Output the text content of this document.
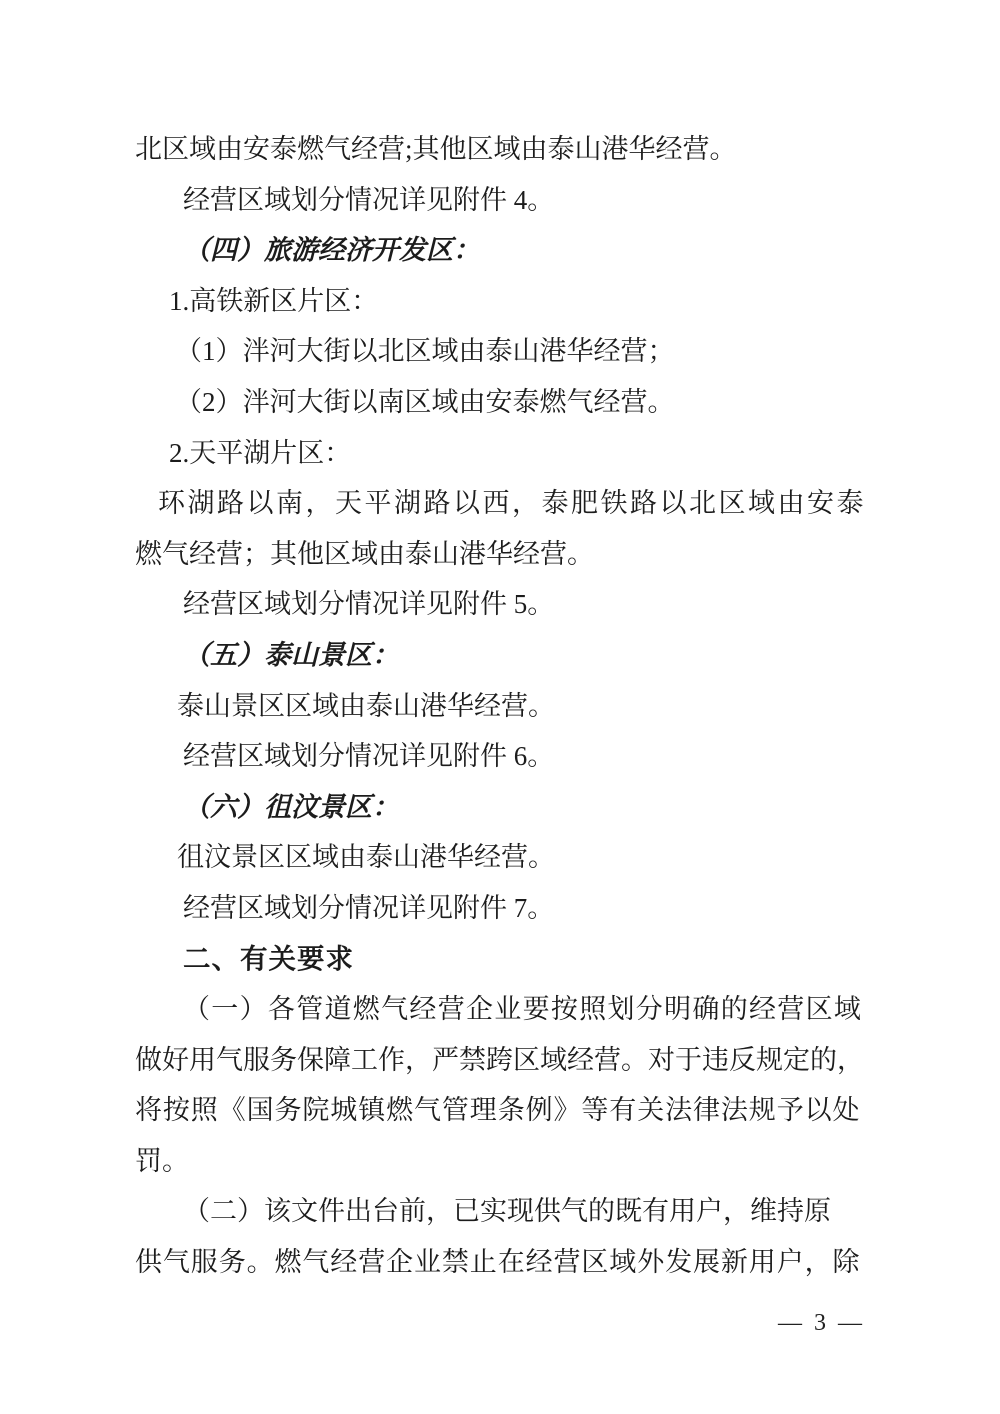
北区域由安泰燃气经营;其他区域由泰山港华经营。
经营区域划分情况详见附件 4。
（四）旅游经济开发区：
1.高铁新区片区：
（1）泮河大街以北区域由泰山港华经营；
（2）泮河大街以南区域由安泰燃气经营。
2.天平湖片区：
环湖路以南，天平湖路以西，泰肥铁路以北区域由安泰
燃气经营；其他区域由泰山港华经营。
经营区域划分情况详见附件 5。
（五）泰山景区：
泰山景区区域由泰山港华经营。
经营区域划分情况详见附件 6。
（六）徂汶景区：
徂汶景区区域由泰山港华经营。
经营区域划分情况详见附件 7。
二、有关要求
（一）各管道燃气经营企业要按照划分明确的经营区域
做好用气服务保障工作，严禁跨区域经营。对于违反规定的，
将按照《国务院城镇燃气管理条例》等有关法律法规予以处
罚。
（二）该文件出台前，已实现供气的既有用户，维持原
供气服务。燃气经营企业禁止在经营区域外发展新用户，除
— 3 —
